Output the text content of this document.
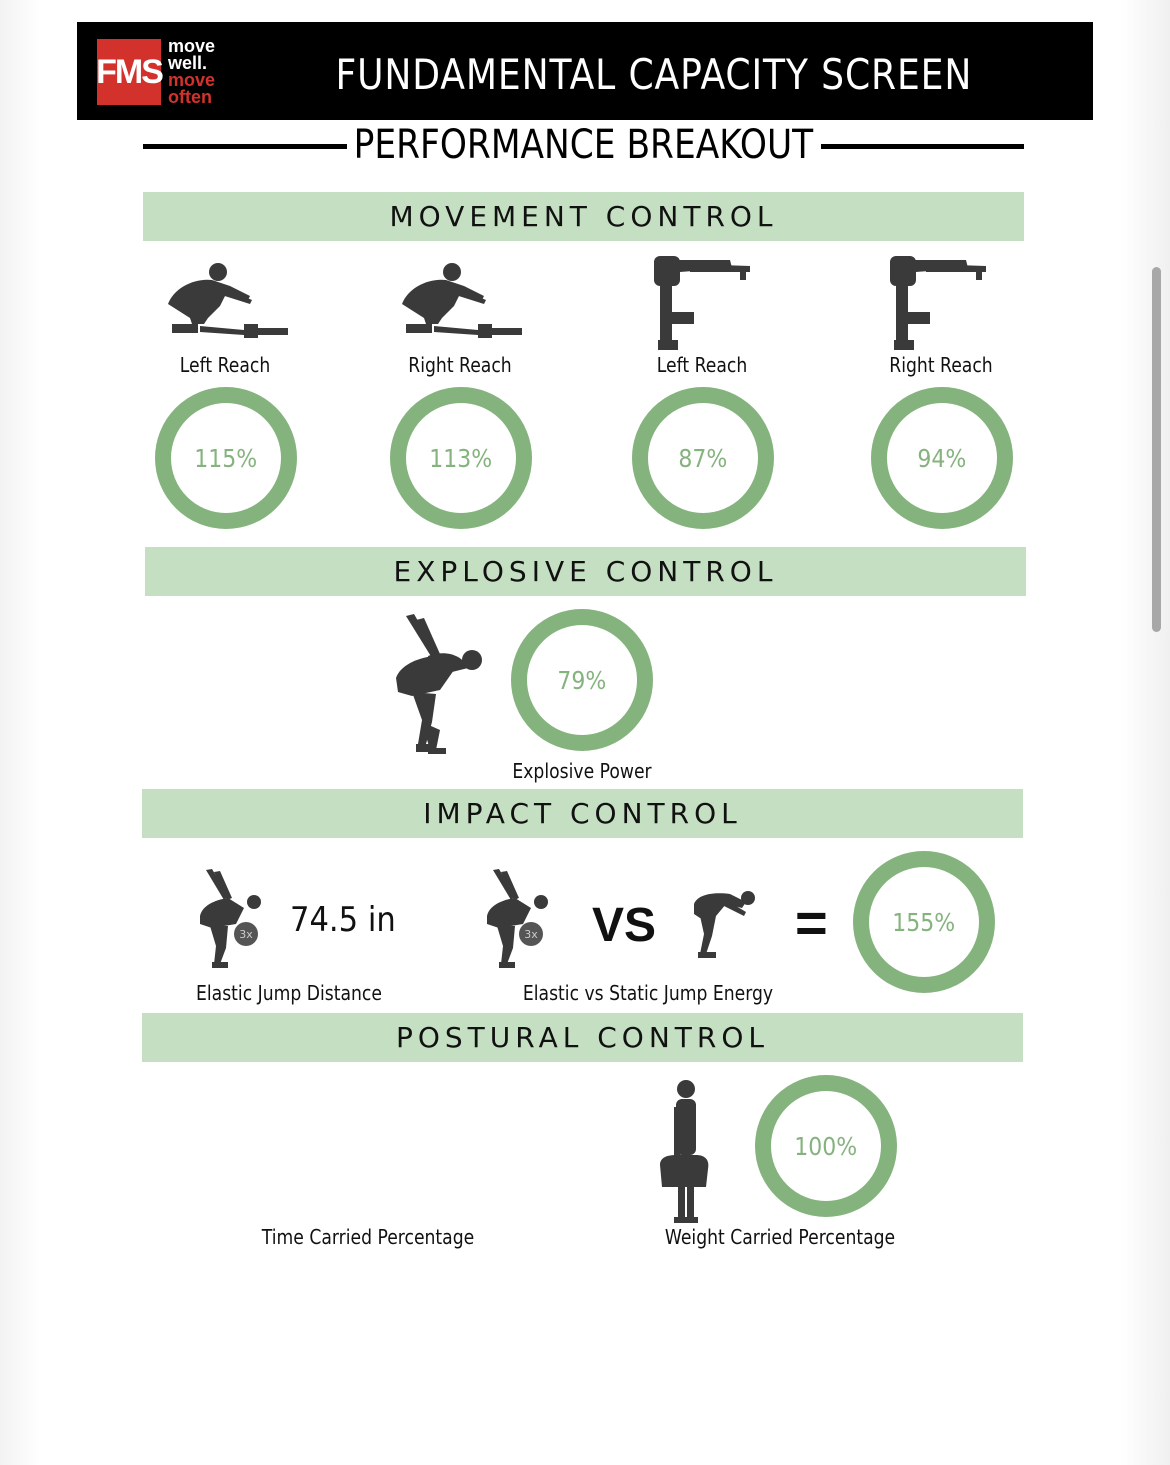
FMS
move
well.
move
often	FUNDAMENTAL CAPACITY SCREEN
PERFORMANCE BREAKOUT
MOVEMENT CONTROL
Left Reach	Right Reach	Left Reach	Right Reach
115%	113%	87%	94%
EXPLOSIVE CONTROL
79%
Explosive Power
IMPACT CONTROL
3x 74.5 in
Elastic Jump Distance
3x VS =	155%
Elastic vs Static Jump Energy
POSTURAL CONTROL
100%
Time Carried Percentage	Weight Carried Percentage
